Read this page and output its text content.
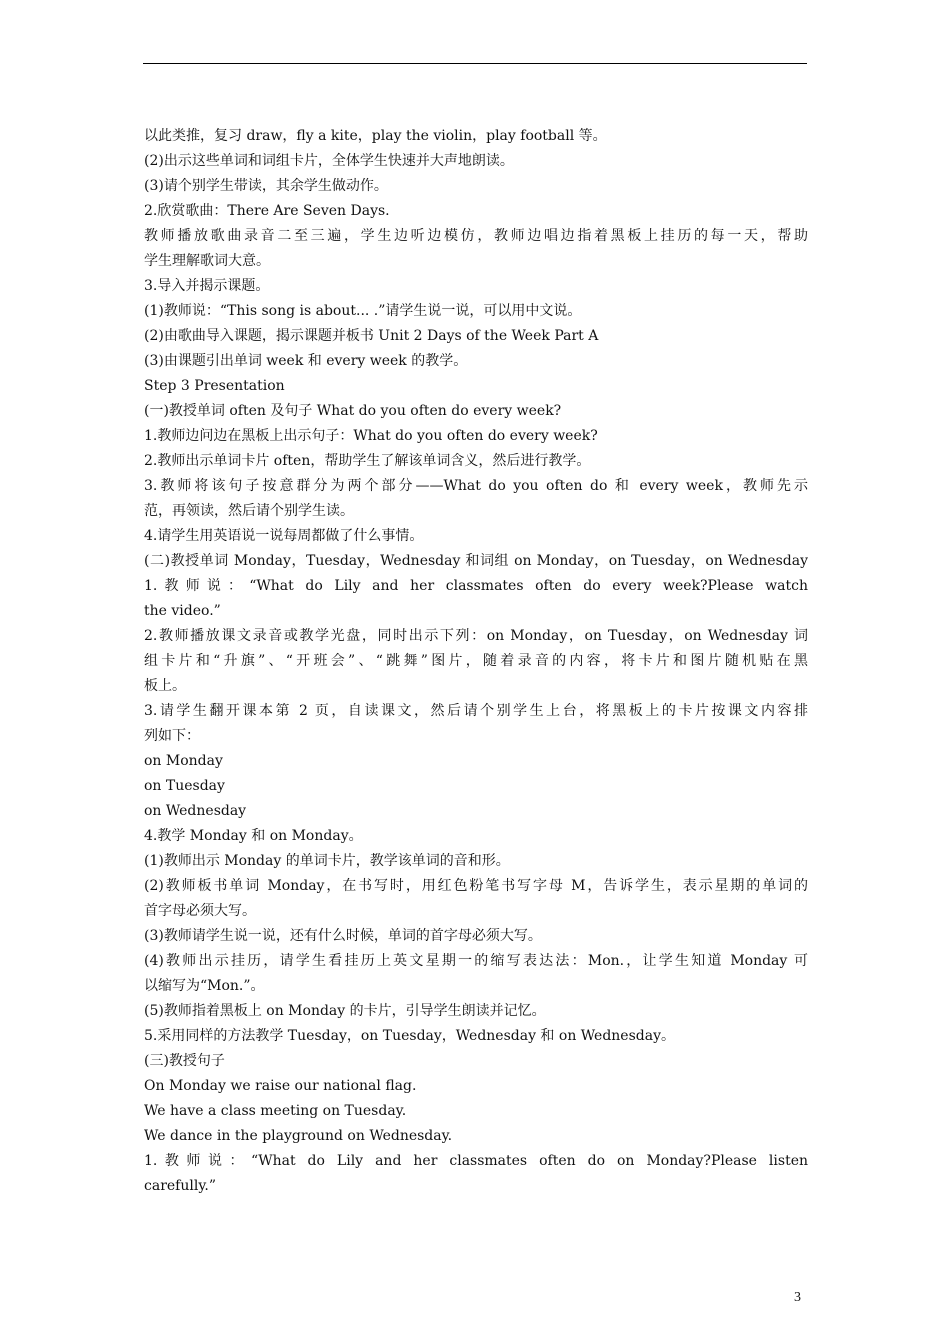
以此类推，复习 draw，fly a kite，play the violin，play football 等。
(2)出示这些单词和词组卡片，全体学生快速并大声地朗读。
(3)请个别学生带读，其余学生做动作。
2.欣赏歌曲：There Are Seven Days.
教师播放歌曲录音二至三遍，学生边听边模仿，教师边唱边指着黑板上挂历的每一天，帮助
学生理解歌词大意。
3.导入并揭示课题。
(1)教师说：“This song is about... .”请学生说一说，可以用中文说。
(2)由歌曲导入课题，揭示课题并板书 Unit 2 Days of the Week Part A
(3)由课题引出单词 week 和 every week 的教学。
Step 3 Presentation
(一)教授单词 often 及句子 What do you often do every week?
1.教师边问边在黑板上出示句子：What do you often do every week?
2.教师出示单词卡片 often，帮助学生了解该单词含义，然后进行教学。
3.教师将该句子按意群分为两个部分——What do you often do 和 every week，教师先示
范，再领读，然后请个别学生读。
4.请学生用英语说一说每周都做了什么事情。
(二)教授单词 Monday，Tuesday，Wednesday 和词组 on Monday，on Tuesday，on Wednesday
1.教师说：“What do Lily and her classmates often do every week?Please watch
the video.”
2.教师播放课文录音或教学光盘，同时出示下列：on Monday，on Tuesday，on Wednesday 词
组卡片和“升旗”、“开班会”、“跳舞”图片，随着录音的内容，将卡片和图片随机贴在黑
板上。
3.请学生翻开课本第 2 页，自读课文，然后请个别学生上台，将黑板上的卡片按课文内容排
列如下：
on Monday
on Tuesday
on Wednesday
4.教学 Monday 和 on Monday。
(1)教师出示 Monday 的单词卡片，教学该单词的音和形。
(2)教师板书单词 Monday，在书写时，用红色粉笔书写字母 M，告诉学生，表示星期的单词的
首字母必须大写。
(3)教师请学生说一说，还有什么时候，单词的首字母必须大写。
(4)教师出示挂历，请学生看挂历上英文星期一的缩写表达法：Mon.，让学生知道 Monday 可
以缩写为“Mon.”。
(5)教师指着黑板上 on Monday 的卡片，引导学生朗读并记忆。
5.采用同样的方法教学 Tuesday，on Tuesday，Wednesday 和 on Wednesday。
(三)教授句子
On Monday we raise our national flag.
We have a class meeting on Tuesday.
We dance in the playground on Wednesday.
1.教师说：“What do Lily and her classmates often do on Monday?Please listen
carefully.”
3
